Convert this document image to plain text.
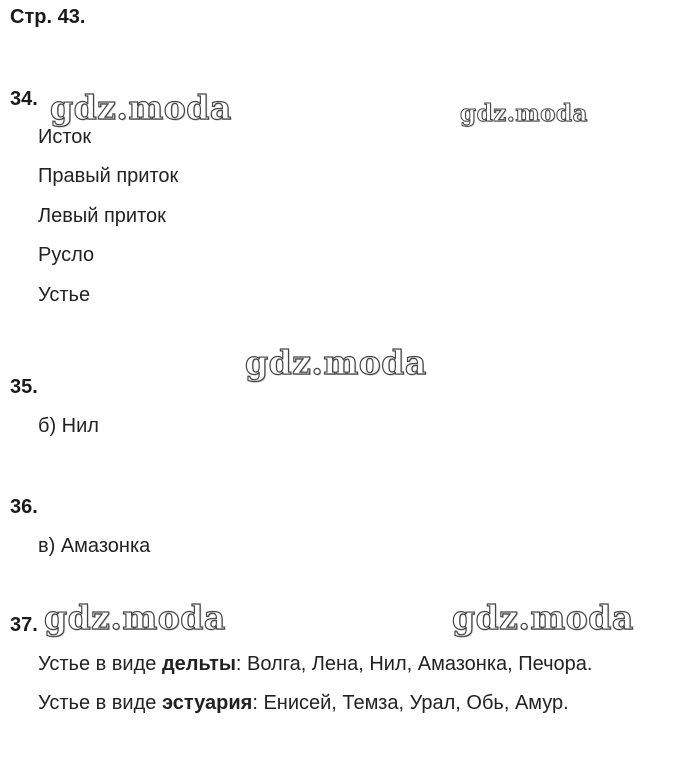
Стр. 43.
34.
Исток
Правый приток
Левый приток
Русло
Устье
35.
б) Нил
36.
в) Амазонка
37.
Устье в виде дельты: Волга, Лена, Нил, Амазонка, Печора.
Устье в виде эстуария: Енисей, Темза, Урал, Обь, Амур.
gdz.moda	gdz.moda
gdz.moda
gdz.moda	gdz.moda
